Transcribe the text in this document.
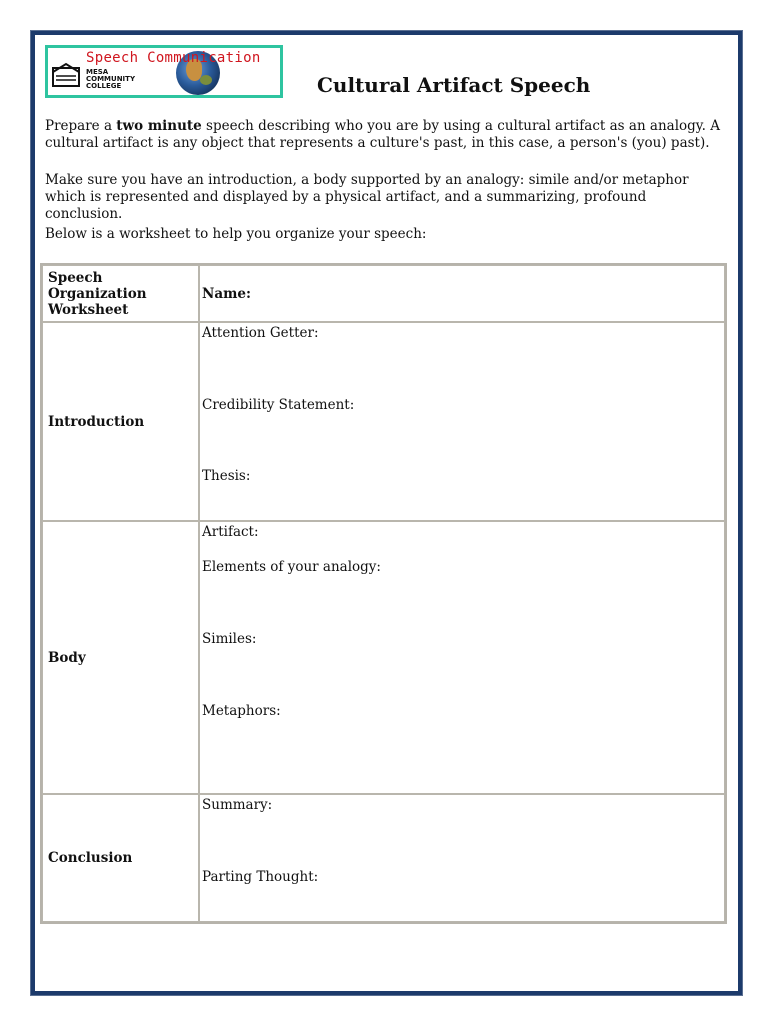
Speech Communication
MESA
COMMUNITY
COLLEGE	Cultural Artifact Speech
Prepare a two minute speech describing who you are by using a cultural artifact as an analogy. A cultural artifact is any object that represents a culture's past, in this case, a person's (you) past).
Make sure you have an introduction, a body supported by an analogy: simile and/or metaphor which is represented and displayed by a physical artifact, and a summarizing, profound conclusion.
Below is a worksheet to help you organize your speech:
Speech Organization Worksheet	Name:
Introduction	Attention Getter:
Credibility Statement:
Thesis:

Body	Artifact:
Elements of your analogy:
Similes:
Metaphors:

Conclusion	Summary:
Parting Thought:
